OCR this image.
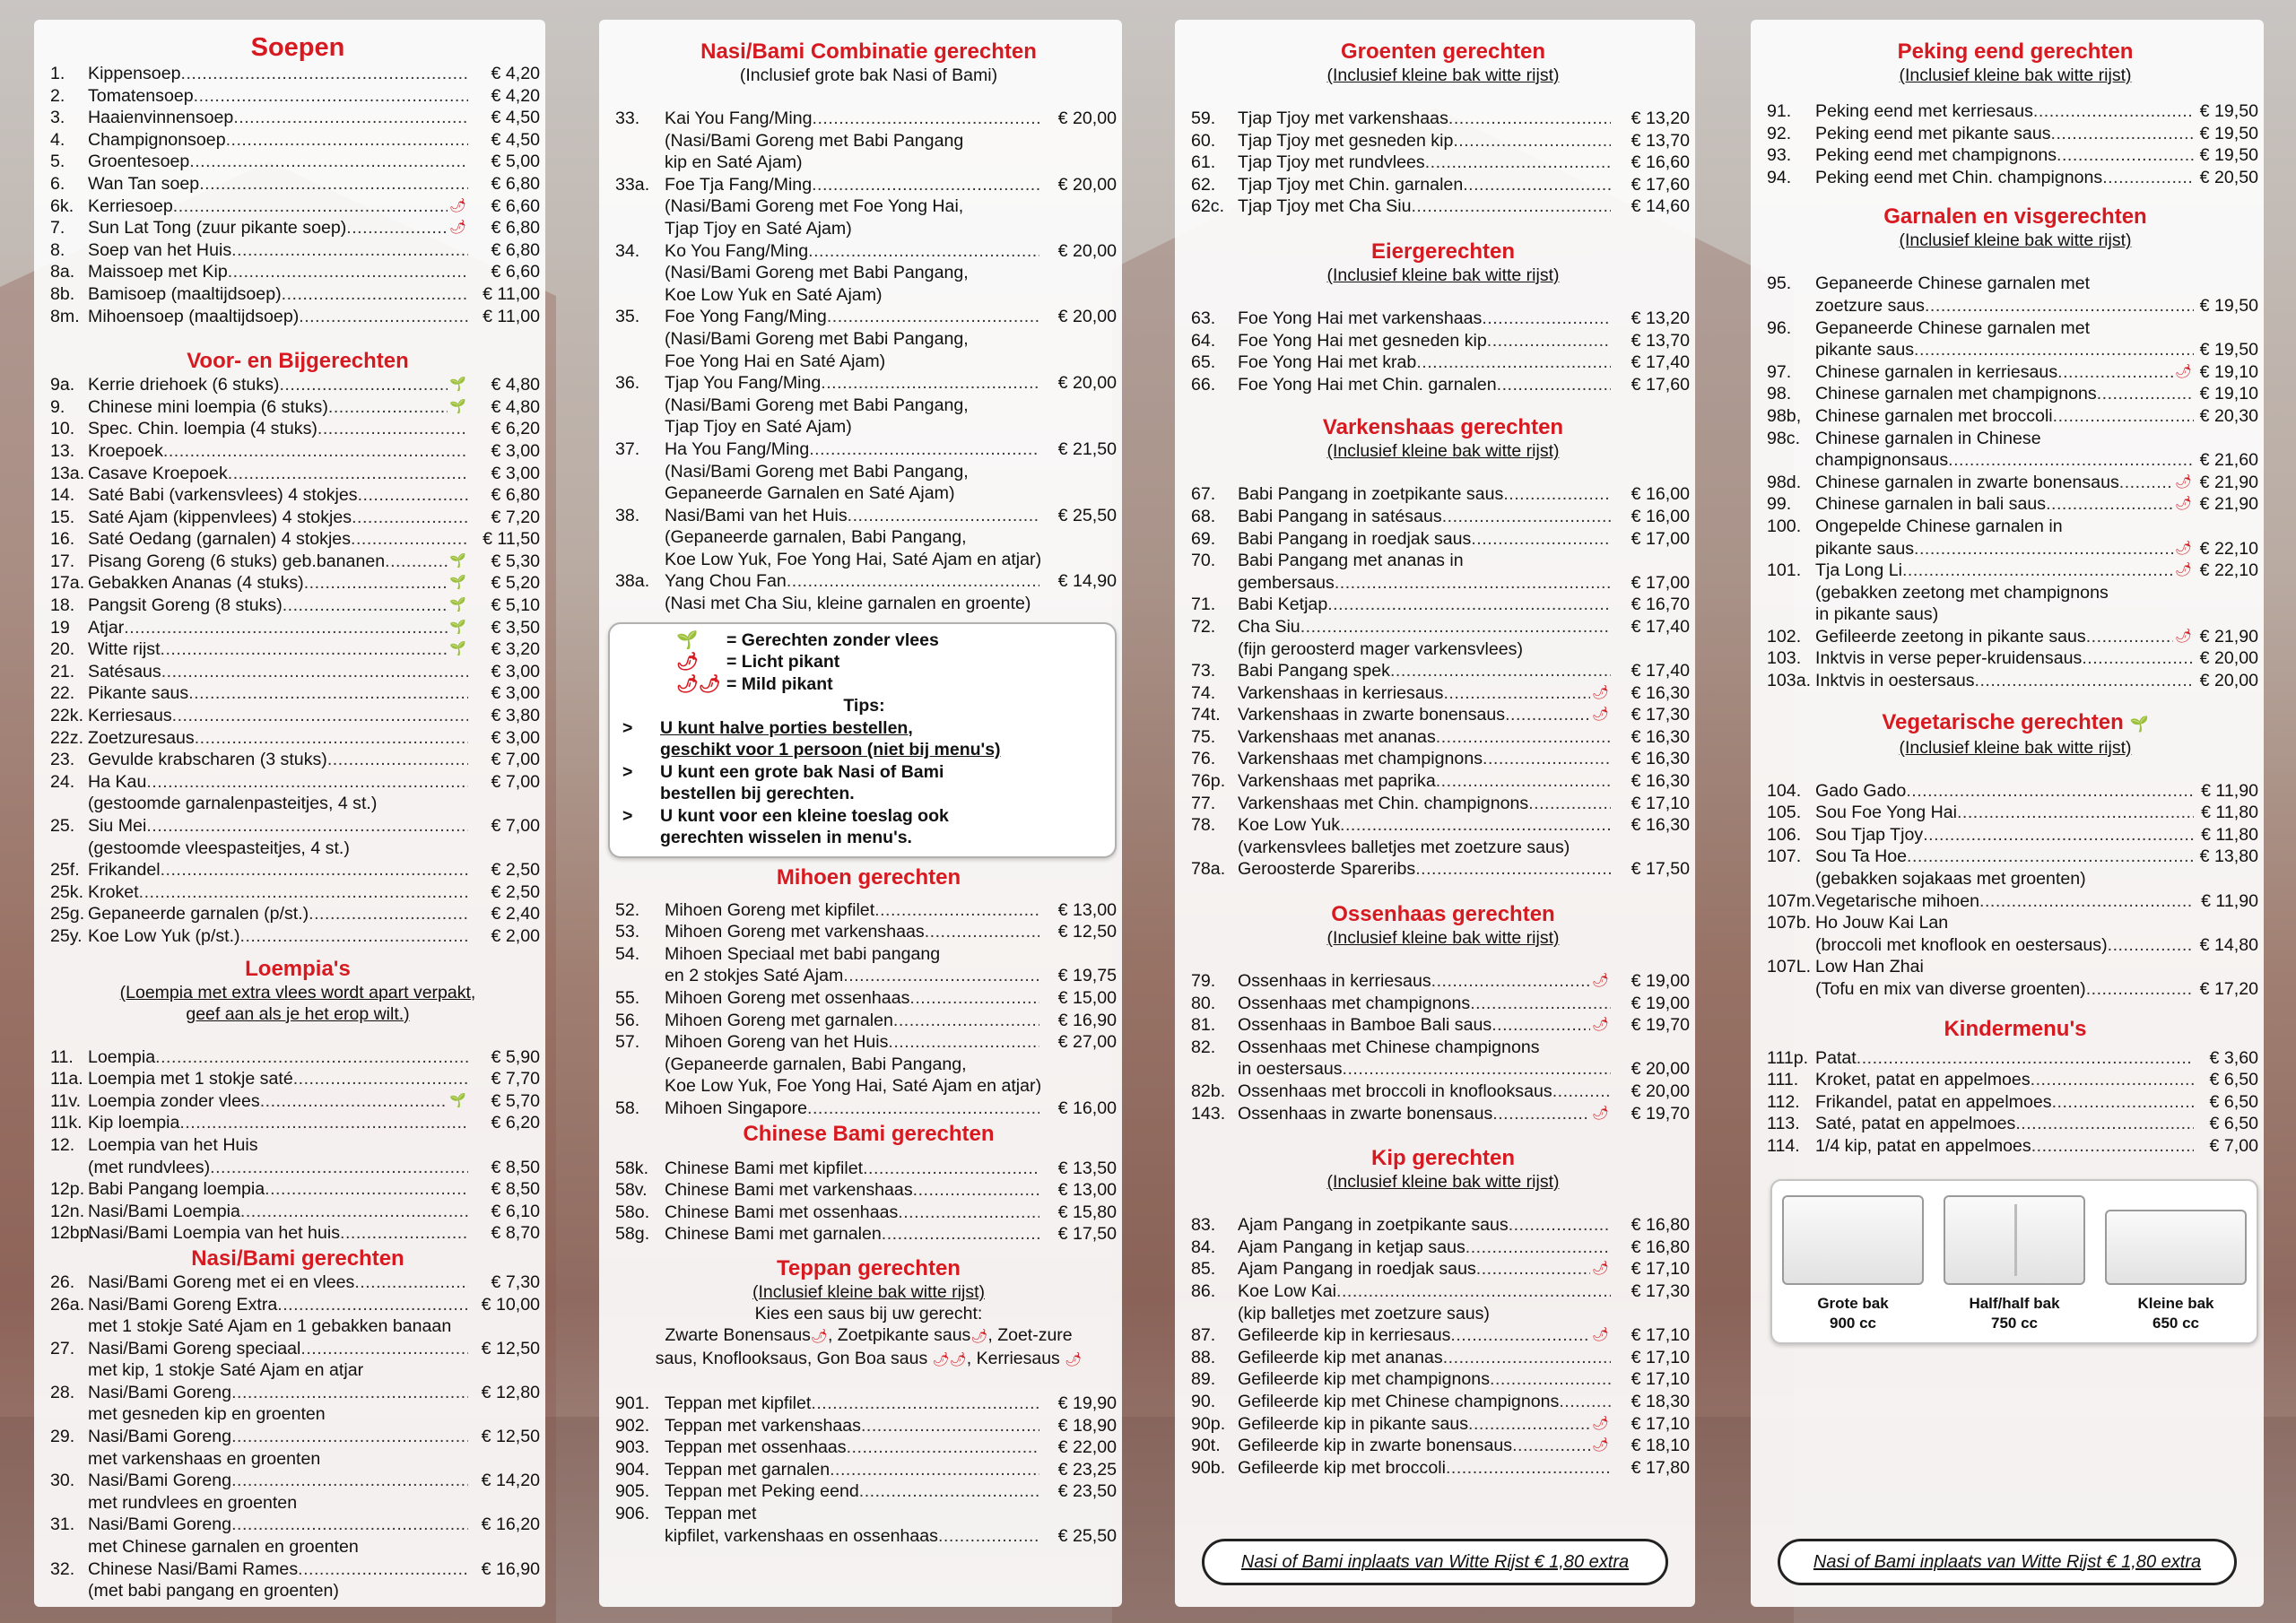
Soepen
1.	Kippensoep .....	€ 4,20
2.	Tomatensoep .....	€ 4,20
3.	Haaienvinnensoep .....	€ 4,50
4.	Champignonsoep .....	€ 4,50
5.	Groentesoep .....	€ 5,00
6.	Wan Tan soep .....	€ 6,80
6k. Kerriesoep .....	🌶	€ 6,60
7.	Sun Lat Tong (zuur pikante soep) .....	🌶	€ 6,80
8.	Soep van het Huis .....	€ 6,80
8a. Maissoep met Kip .....	€ 6,60
8b. Bamisoep (maaltijdsoep) .....	€ 11,00
8m. Mihoensoep (maaltijdsoep) .....	€ 11,00
Voor- en Bijgerechten
9a. Kerrie driehoek (6 stuks) .....	🌱	€ 4,80
9.	Chinese mini loempia (6 stuks) .....	🌱	€ 4,80
10. Spec. Chin. loempia (4 stuks) .....	€ 6,20
13. Kroepoek .....	€ 3,00
13a. Casave Kroepoek .....	€ 3,00
14. Saté Babi (varkensvlees) 4 stokjes .....	€ 6,80
15. Saté Ajam (kippenvlees) 4 stokjes .....	€ 7,20
16. Saté Oedang (garnalen) 4 stokjes .....	€ 11,50
17. Pisang Goreng (6 stuks) geb.bananen .....	🌱	€ 5,30
17a. Gebakken Ananas (4 stuks) .....	🌱	€ 5,20
18. Pangsit Goreng (8 stuks) .....	🌱	€ 5,10
19	Atjar .....	🌱	€ 3,50
20. Witte rijst .....	🌱	€ 3,20
21. Satésaus .....	€ 3,00
22. Pikante saus .....	€ 3,00
22k. Kerriesaus .....	€ 3,80
22z. Zoetzuresaus .....	€ 3,00
23. Gevulde krabscharen (3 stuks) .....	€ 7,00
24. Ha Kau .....	€ 7,00
(gestoomde garnalenpasteitjes, 4 st.)
25. Siu Mei .....	€ 7,00
(gestoomde vleespasteitjes, 4 st.)
25f. Frikandel .....	€ 2,50
25k. Kroket .....	€ 2,50
25g. Gepaneerde garnalen (p/st.) .....	€ 2,40
25y. Koe Low Yuk (p/st.) .....	€ 2,00
Loempia's
(Loempia met extra vlees wordt apart verpakt,
geef aan als je het erop wilt.)
11. Loempia .....	€ 5,90
11a. Loempia met 1 stokje saté .....	€ 7,70
11v. Loempia zonder vlees .....	🌱	€ 5,70
11k. Kip loempia .....	€ 6,20
12. Loempia van het Huis
(met rundvlees) .....	€ 8,50
12p. Babi Pangang loempia .....	€ 8,50
12n. Nasi/Bami Loempia .....	€ 6,10
12bp.
Nasi/Bami Loempia van het huis .....	€ 8,70
Nasi/Bami gerechten
26. Nasi/Bami Goreng met ei en vlees .....	€ 7,30
26a. Nasi/Bami Goreng Extra .....	€ 10,00
met 1 stokje Saté Ajam en 1 gebakken banaan
27. Nasi/Bami Goreng speciaal .....	€ 12,50
met kip, 1 stokje Saté Ajam en atjar
28. Nasi/Bami Goreng .....	€ 12,80
met gesneden kip en groenten
29. Nasi/Bami Goreng .....	€ 12,50
met varkenshaas en groenten
30. Nasi/Bami Goreng .....	€ 14,20
met rundvlees en groenten
31. Nasi/Bami Goreng .....	€ 16,20
met Chinese garnalen en groenten
32. Chinese Nasi/Bami Rames .....	€ 16,90
(met babi pangang en groenten)
Nasi/Bami Combinatie gerechten
(Inclusief grote bak Nasi of Bami)
33.	Kai You Fang/Ming .....	€ 20,00
(Nasi/Bami Goreng met Babi Pangang
kip en Saté Ajam)
33a. Foe Tja Fang/Ming .....	€ 20,00
(Nasi/Bami Goreng met Foe Yong Hai,
Tjap Tjoy en Saté Ajam)
34.	Ko You Fang/Ming .....	€ 20,00
(Nasi/Bami Goreng met Babi Pangang,
Koe Low Yuk en Saté Ajam)
35.	Foe Yong Fang/Ming .....	€ 20,00
(Nasi/Bami Goreng met Babi Pangang,
Foe Yong Hai en Saté Ajam)
36.	Tjap You Fang/Ming .....	€ 20,00
(Nasi/Bami Goreng met Babi Pangang,
Tjap Tjoy en Saté Ajam)
37.	Ha You Fang/Ming .....	€ 21,50
(Nasi/Bami Goreng met Babi Pangang,
Gepaneerde Garnalen en Saté Ajam)
38.	Nasi/Bami van het Huis .....	€ 25,50
(Gepaneerde garnalen, Babi Pangang,
Koe Low Yuk, Foe Yong Hai, Saté Ajam en atjar)
38a. Yang Chou Fan .....	€ 14,90
(Nasi met Cha Siu, kleine garnalen en groente)
🌱	= Gerechten zonder vlees
🌶	= Licht pikant
🌶🌶 = Mild pikant
Tips:
>	U kunt halve porties bestellen,
geschikt voor 1 persoon (niet bij menu's)
>	U kunt een grote bak Nasi of Bami
bestellen bij gerechten.
>	U kunt voor een kleine toeslag ook
gerechten wisselen in menu's.
Mihoen gerechten
52.	Mihoen Goreng met kipfilet .....	€ 13,00
53.	Mihoen Goreng met varkenshaas .....	€ 12,50
54.	Mihoen Speciaal met babi pangang
en 2 stokjes Saté Ajam .....	€ 19,75
55.	Mihoen Goreng met ossenhaas .....	€ 15,00
56.	Mihoen Goreng met garnalen .....	€ 16,90
57.	Mihoen Goreng van het Huis .....	€ 27,00
(Gepaneerde garnalen, Babi Pangang,
Koe Low Yuk, Foe Yong Hai, Saté Ajam en atjar)
58.	Mihoen Singapore .....	€ 16,00
Chinese Bami gerechten
58k. Chinese Bami met kipfilet .....	€ 13,50
58v. Chinese Bami met varkenshaas .....	€ 13,00
58o. Chinese Bami met ossenhaas .....	€ 15,80
58g. Chinese Bami met garnalen .....	€ 17,50
Teppan gerechten
(Inclusief kleine bak witte rijst)
Kies een saus bij uw gerecht:
Zwarte Bonensaus🌶, Zoetpikante saus🌶, Zoet-zure
saus, Knoflooksaus, Gon Boa saus 🌶🌶, Kerriesaus 🌶
901. Teppan met kipfilet .....	€ 19,90
902. Teppan met varkenshaas .....	€ 18,90
903. Teppan met ossenhaas .....	€ 22,00
904. Teppan met garnalen .....	€ 23,25
905. Teppan met Peking eend .....	€ 23,50
906. Teppan met
kipfilet, varkenshaas en ossenhaas .....	€ 25,50
Groenten gerechten
(Inclusief kleine bak witte rijst)
59.	Tjap Tjoy met varkenshaas .....	€ 13,20
60.	Tjap Tjoy met gesneden kip .....	€ 13,70
61.	Tjap Tjoy met rundvlees .....	€ 16,60
62.	Tjap Tjoy met Chin. garnalen .....	€ 17,60
62c. Tjap Tjoy met Cha Siu .....	€ 14,60
Eiergerechten
(Inclusief kleine bak witte rijst)
63.	Foe Yong Hai met varkenshaas .....	€ 13,20
64.	Foe Yong Hai met gesneden kip .....	€ 13,70
65.	Foe Yong Hai met krab .....	€ 17,40
66.	Foe Yong Hai met Chin. garnalen .....	€ 17,60
Varkenshaas gerechten
(Inclusief kleine bak witte rijst)
67.	Babi Pangang in zoetpikante saus .....	€ 16,00
68.	Babi Pangang in satésaus .....	€ 16,00
69.	Babi Pangang in roedjak saus .....	€ 17,00
70.	Babi Pangang met ananas in
gembersaus .....	€ 17,00
71.	Babi Ketjap .....	€ 16,70
72.	Cha Siu .....	€ 17,40
(fijn geroosterd mager varkensvlees)
73.	Babi Pangang spek .....	€ 17,40
74.	Varkenshaas in kerriesaus .....	🌶	€ 16,30
74t. Varkenshaas in zwarte bonensaus .....	🌶	€ 17,30
75.	Varkenshaas met ananas .....	€ 16,30
76.	Varkenshaas met champignons .....	€ 16,30
76p. Varkenshaas met paprika .....	€ 16,30
77.	Varkenshaas met Chin. champignons .....	€ 17,10
78.	Koe Low Yuk .....	€ 16,30
(varkensvlees balletjes met zoetzure saus)
78a. Geroosterde Spareribs .....	€ 17,50
Ossenhaas gerechten
(Inclusief kleine bak witte rijst)
79.	Ossenhaas in kerriesaus .....	🌶	€ 19,00
80.	Ossenhaas met champignons .....	€ 19,00
81.	Ossenhaas in Bamboe Bali saus .....	🌶	€ 19,70
82.	Ossenhaas met Chinese champignons
in oestersaus .....	€ 20,00
82b. Ossenhaas met broccoli in knoflooksaus .....	€ 20,00
143. Ossenhaas in zwarte bonensaus .....	🌶	€ 19,70
Kip gerechten
(Inclusief kleine bak witte rijst)
83.	Ajam Pangang in zoetpikante saus .....	€ 16,80
84.	Ajam Pangang in ketjap saus .....	€ 16,80
85.	Ajam Pangang in roedjak saus .....	🌶	€ 17,10
86.	Koe Low Kai .....	€ 17,30
(kip balletjes met zoetzure saus)
87.	Gefileerde kip in kerriesaus .....	🌶	€ 17,10
88.	Gefileerde kip met ananas .....	€ 17,10
89.	Gefileerde kip met champignons .....	€ 17,10
90.	Gefileerde kip met Chinese champignons .....	€ 18,30
90p. Gefileerde kip in pikante saus .....	🌶	€ 17,10
90t. Gefileerde kip in zwarte bonensaus .....	🌶	€ 18,10
90b. Gefileerde kip met broccoli .....	€ 17,80
Nasi of Bami inplaats van Witte Rijst € 1,80 extra
Peking eend gerechten
(Inclusief kleine bak witte rijst)
91.	Peking eend met kerriesaus .....	€ 19,50
92.	Peking eend met pikante saus .....	€ 19,50
93.	Peking eend met champignons .....	€ 19,50
94.	Peking eend met Chin. champignons .....	€ 20,50
Garnalen en visgerechten
(Inclusief kleine bak witte rijst)
95.	Gepaneerde Chinese garnalen met
zoetzure saus .....	€ 19,50
96.	Gepaneerde Chinese garnalen met
pikante saus .....	€ 19,50
97.	Chinese garnalen in kerriesaus .....	🌶 € 19,10
98.	Chinese garnalen met champignons .....	€ 19,10
98b, Chinese garnalen met broccoli .....	€ 20,30
98c. Chinese garnalen in Chinese
champignonsaus .....	€ 21,60
98d. Chinese garnalen in zwarte bonensaus .....	🌶 € 21,90
99.	Chinese garnalen in bali saus .....	🌶 € 21,90
100. Ongepelde Chinese garnalen in
pikante saus .....	🌶 € 22,10
101. Tja Long Li .....	🌶 € 22,10
(gebakken zeetong met champignons
in pikante saus)
102. Gefileerde zeetong in pikante saus .....	🌶 € 21,90
103. Inktvis in verse peper-kruidensaus .....	€ 20,00
103a. Inktvis in oestersaus .....	€ 20,00
Vegetarische gerechten 🌱
(Inclusief kleine bak witte rijst)
104. Gado Gado .....	€ 11,90
105. Sou Foe Yong Hai .....	€ 11,80
106. Sou Tjap Tjoy .....	€ 11,80
107. Sou Ta Hoe .....	€ 13,80
(gebakken sojakaas met groenten)
107m. Vegetarische mihoen .....	€ 11,90
107b. Ho Jouw Kai Lan
(broccoli met knoflook en oestersaus) .....	€ 14,80
107L. Low Han Zhai
(Tofu en mix van diverse groenten) .....	€ 17,20
Kindermenu's
111p. Patat .....	€ 3,60
111. Kroket, patat en appelmoes .....	€ 6,50
112. Frikandel, patat en appelmoes .....	€ 6,50
113. Saté, patat en appelmoes .....	€ 6,50
114. 1/4 kip, patat en appelmoes .....	€ 7,00
Grote bak
900 cc
Half/half bak
750 cc
Kleine bak
650 cc
Nasi of Bami inplaats van Witte Rijst € 1,80 extra
